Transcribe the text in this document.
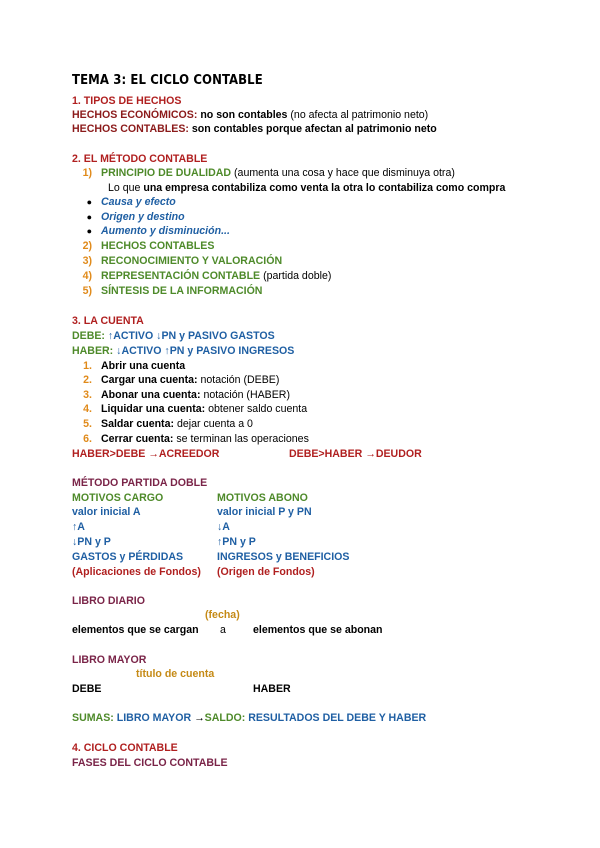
TEMA 3: EL CICLO CONTABLE
1. TIPOS DE HECHOS
HECHOS ECONÓMICOS: no son contables (no afecta al patrimonio neto)
HECHOS CONTABLES: son contables porque afectan al patrimonio neto
2. EL MÉTODO CONTABLE
1) PRINCIPIO DE DUALIDAD (aumenta una cosa y hace que disminuya otra)
Lo que una empresa contabiliza como venta la otra lo contabiliza como compra
● Causa y efecto
● Origen y destino
● Aumento y disminución...
2) HECHOS CONTABLES
3) RECONOCIMIENTO Y VALORACIÓN
4) REPRESENTACIÓN CONTABLE (partida doble)
5) SÍNTESIS DE LA INFORMACIÓN
3. LA CUENTA
DEBE: ↑ACTIVO ↓PN y PASIVO GASTOS
HABER: ↓ACTIVO ↑PN y PASIVO INGRESOS
1. Abrir una cuenta
2. Cargar una cuenta: notación (DEBE)
3. Abonar una cuenta: notación (HABER)
4. Liquidar una cuenta: obtener saldo cuenta
5. Saldar cuenta: dejar cuenta a 0
6. Cerrar cuenta: se terminan las operaciones
HABER>DEBE →ACREEDOR	DEBE>HABER →DEUDOR
MÉTODO PARTIDA DOBLE
MOTIVOS CARGO	MOTIVOS ABONO
valor inicial A	valor inicial P y PN
↑A	↓A
↓PN y P	↑PN y P
GASTOS y PÉRDIDAS	INGRESOS y BENEFICIOS
(Aplicaciones de Fondos) (Origen de Fondos)
LIBRO DIARIO
(fecha)
elementos que se cargan a	elementos que se abonan
LIBRO MAYOR
título de cuenta
DEBE	HABER
SUMAS: LIBRO MAYOR →SALDO: RESULTADOS DEL DEBE Y HABER
4. CICLO CONTABLE
FASES DEL CICLO CONTABLE
